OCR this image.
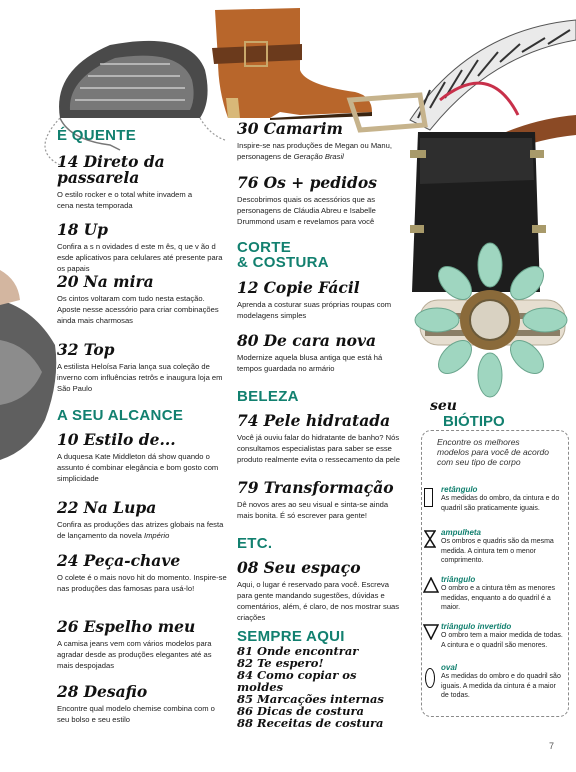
É QUENTE
14 Direto da passarela
O estilo rocker e o total white invadem a cena nesta temporada
18 Up
Confira a s n ovidades d este m ês, q ue v ão d esde aplicativos para celulares até presente para os papais
20 Na mira
Os cintos voltaram com tudo nesta estação. Aposte nesse acessório para criar combinações ainda mais charmosas
32 Top
A estilista Heloísa Faria lança sua coleção de inverno com influências retrôs e inaugura loja em São Paulo
A SEU ALCANCE
10 Estilo de...
A duquesa Kate Middleton dá show quando o assunto é combinar elegância e bom gosto com simplicidade
22 Na Lupa
Confira as produções das atrizes globais na festa de lançamento da novela Império
24 Peça-chave
O colete é o mais novo hit do momento. Inspire-se nas produções das famosas para usá-lo!
26 Espelho meu
A camisa jeans vem com vários modelos para agradar desde as produções elegantes até as mais despojadas
28 Desafio
Encontre qual modelo chemise combina com o seu bolso e seu estilo
30 Camarim
Inspire-se nas produções de Megan ou Manu, personagens de Geração Brasil
76 Os + pedidos
Descobrimos quais os acessórios que as personagens de Cláudia Abreu e Isabelle Drummond usam e revelamos para você
CORTE
& COSTURA
12 Copie Fácil
Aprenda a costurar suas próprias roupas com modelagens simples
80 De cara nova
Modernize aquela blusa antiga que está há tempos guardada no armário
BELEZA
74 Pele hidratada
Você já ouviu falar do hidratante de banho? Nós consultamos especialistas para saber se esse produto realmente evita o ressecamento da pele
79 Transformação
Dê novos ares ao seu visual e sinta-se ainda mais bonita. É só escrever para gente!
ETC.
08 Seu espaço
Aqui, o lugar é reservado para você. Escreva para gente mandando sugestões, dúvidas e comentários, além, é claro, de nos mostrar suas criações
SEMPRE AQUI
81 Onde encontrar
82 Te espero!
84 Como copiar os moldes
85 Marcações internas
86 Dicas de costura
88 Receitas de costura
seu
BIÓTIPO
Encontre os melhores modelos para você de acordo com seu tipo de corpo
retângulo
As medidas do ombro, da cintura e do quadril são praticamente iguais.
ampulheta
Os ombros e quadris são da mesma medida. A cintura tem o menor comprimento.
triângulo
O ombro e a cintura têm as menores medidas, enquanto a do quadril é a maior.
triângulo invertido
O ombro tem a maior medida de todas. A cintura e o quadril são menores.
oval
As medidas do ombro e do quadril são iguais. A medida da cintura é a maior de todas.
7
